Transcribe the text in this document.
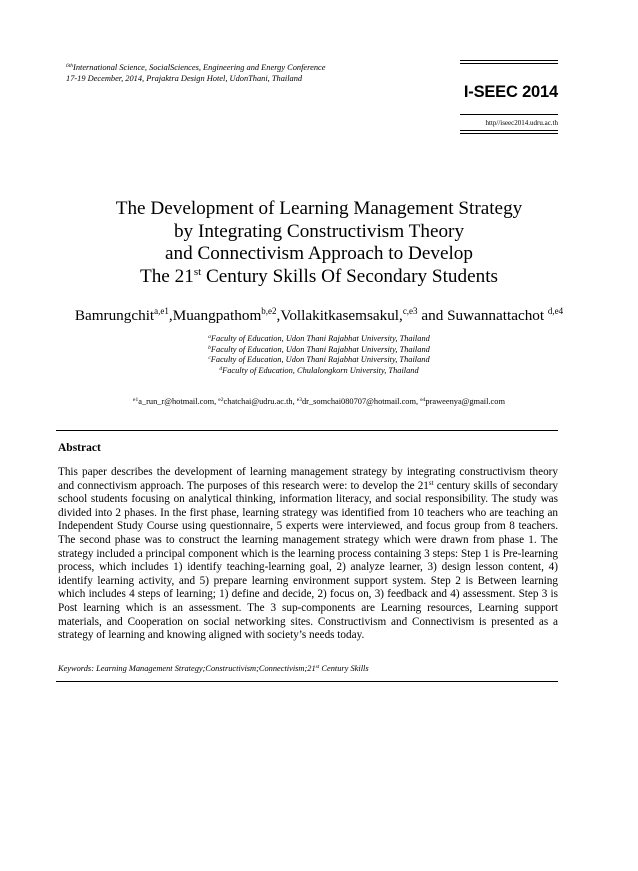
$^{6th}$International Science, SocialSciences, Engineering and Energy Conference
17-19 December, 2014, Prajaktra Design Hotel, UdonThani, Thailand
I-SEEC 2014
http//iseec2014.udru.ac.th
The Development of Learning Management Strategy
by Integrating Constructivism Theory
and Connectivism Approach to Develop
The 21st Century Skills Of Secondary Students
Bamrungchit$^{a,e1}$,Muangpathom$^{b,e2}$,Vollakitkasemsakul,$^{c,e3}$ and Suwannattachot $^{d,e4}$
$^a$Faculty of Education, Udon Thani Rajabhat University, Thailand
$^b$Faculty of Education, Udon Thani Rajabhat University, Thailand
$^c$Faculty of Education, Udon Thani Rajabhat University, Thailand
$^d$Faculty of Education, Chulalongkorn University, Thailand
$^{e1}$a_run_r@hotmail.com, $^{e2}$chatchai@udru.ac.th, $^{e3}$dr_somchai080707@hotmail.com, $^{e4}$praweenya@gmail.com
Abstract
This paper describes the development of learning management strategy by integrating constructivism theory and connectivism approach. The purposes of this research were: to develop the 21st century skills of secondary school students focusing on analytical thinking, information literacy, and social responsibility. The study was divided into 2 phases. In the first phase, learning strategy was identified from 10 teachers who are teaching an Independent Study Course using questionnaire, 5 experts were interviewed, and focus group from 8 teachers. The second phase was to construct the learning management strategy which were drawn from phase 1. The strategy included a principal component which is the learning process containing 3 steps: Step 1 is Pre-learning process, which includes 1) identify teaching-learning goal, 2) analyze learner, 3) design lesson content, 4) identify learning activity, and 5) prepare learning environment support system. Step 2 is Between learning which includes 4 steps of learning; 1) define and decide, 2) focus on, 3) feedback and 4) assessment. Step 3 is Post learning which is an assessment. The 3 sup-components are Learning resources, Learning support materials, and Cooperation on social networking sites. Constructivism and Connectivism is presented as a strategy of learning and knowing aligned with society’s needs today.
Keywords: Learning Management Strategy;Constructivism;Connectivism;21st Century Skills
